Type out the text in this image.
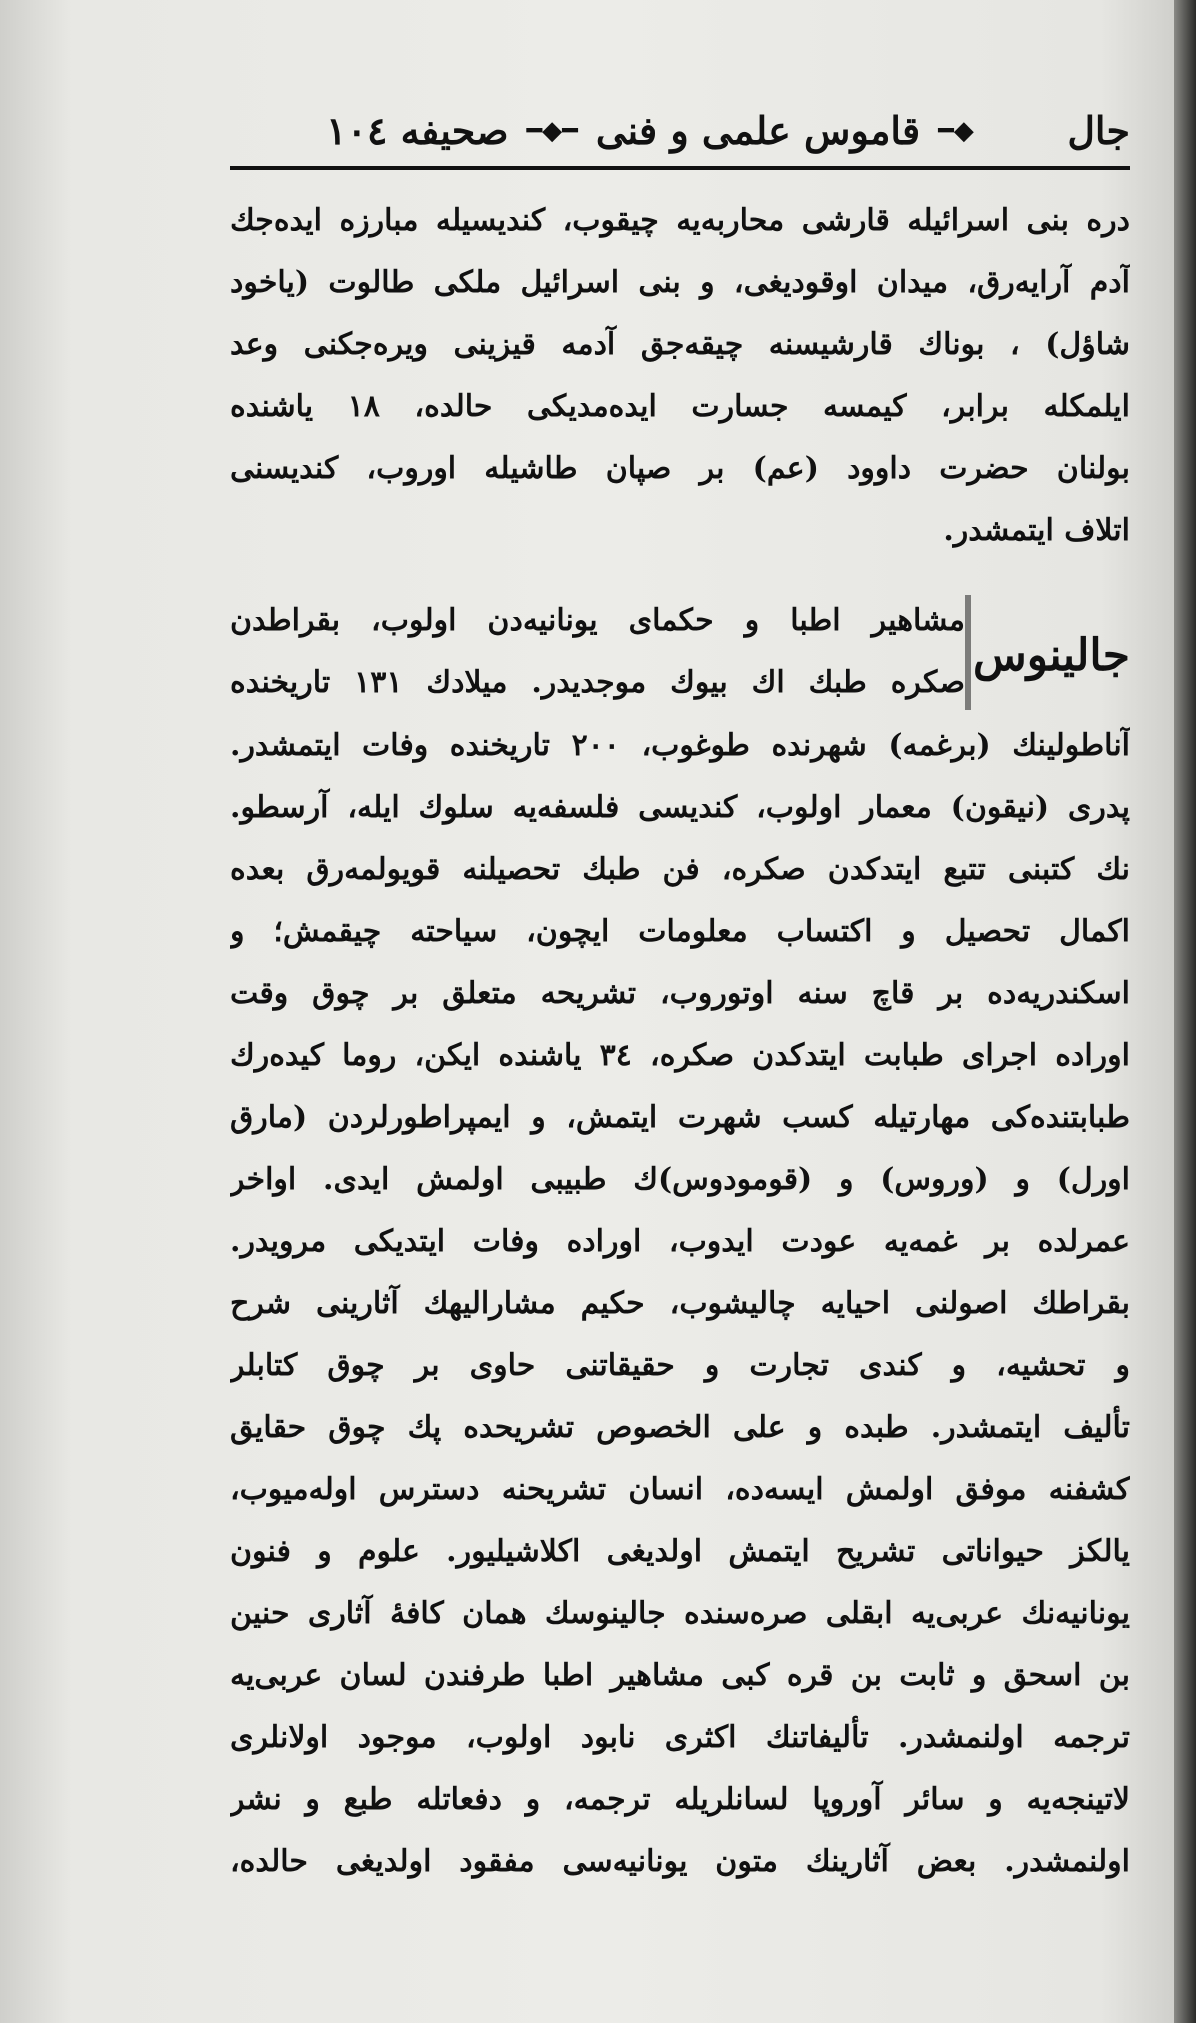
جال
◆━
قاموس علمى و فنى
━◆━
صحيفه ١٠٤
دره بنى اسرائيله قارشى محاربه‌يه چيقوب، كنديسيله مبارزه ايده‌جك
آدم آرايه‌رق، ميدان اوقوديغى، و بنى اسرائيل ملكى طالوت (ياخود
شاؤل) ، بوناك قارشيسنه چيقه‌جق آدمه قيزينى ويره‌جكنى وعد
ايلمكله برابر، كيمسه جسارت ايده‌مديكى حالده، ١٨ ياشنده
بولنان حضرت داوود (عم) بر صپان طاشيله اوروب، كنديسنى
اتلاف ايتمشدر.
جالينوس
مشاهير اطبا و حكماى يونانيه‌دن اولوب، بقراطدن
صكره طبك اك بيوك موجديدر. ميلادك ١٣١ تاريخنده
آناطولينك (برغمه) شهرنده طوغوب، ٢٠٠ تاريخنده وفات ايتمشدر.
پدرى (نيقون) معمار اولوب، كنديسى فلسفه‌يه سلوك ايله، آرسطو.
نك كتبنى تتبع ايتدكدن صكره، فن طبك تحصيلنه قويولمه‌رق بعده
اكمال تحصيل و اكتساب معلومات ايچون، سياحته چيقمش؛ و
اسكندريه‌ده بر قاچ سنه اوتوروب، تشريحه متعلق بر چوق وقت
اوراده اجراى طبابت ايتدكدن صكره، ٣٤ ياشنده ايكن، روما كيده‌رك
طبابتنده‌كى مهارتيله كسب شهرت ايتمش، و ايمپراطورلردن (مارق
اورل) و (وروس) و (قومودوس)ك طبيبى اولمش ايدى. اواخر
عمرلده بر غمه‌يه عودت ايدوب، اوراده وفات ايتديكى مرويدر.
بقراطك اصولنى احيايه چاليشوب، حكيم مشاراليهك آثارينى شرح
و تحشيه، و كندى تجارت و حقيقاتنى حاوى بر چوق كتابلر
تأليف ايتمشدر. طبده و على الخصوص تشريحده پك چوق حقايق
كشفنه موفق اولمش ايسه‌ده، انسان تشريحنه دسترس اوله‌ميوب،
يالكز حيواناتى تشريح ايتمش اولديغى اكلاشيليور. علوم و فنون
يونانيه‌نك عربى‌يه ابقلى صره‌سنده جالينوسك همان كافهٔ آثارى حنين
بن اسحق و ثابت بن قره كبى مشاهير اطبا طرفندن لسان عربى‌يه
ترجمه اولنمشدر. تأليفاتنك اكثرى نابود اولوب، موجود اولانلرى
لاتينجه‌يه و سائر آوروپا لسانلريله ترجمه، و دفعاتله طبع و نشر
اولنمشدر. بعض آثارينك متون يونانيه‌سى مفقود اولديغى حالده،
